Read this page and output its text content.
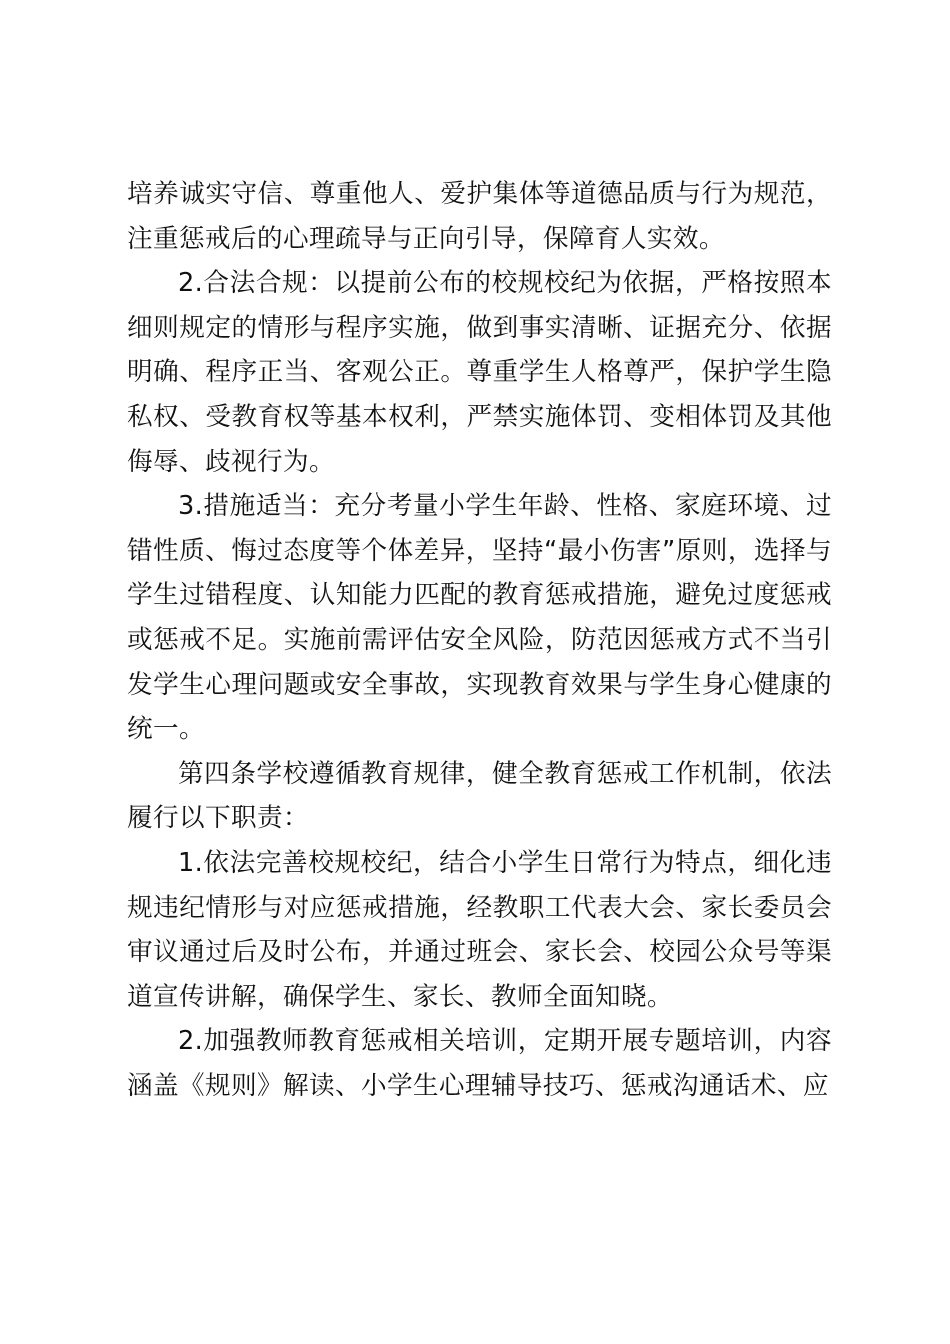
培养诚实守信、尊重他人、爱护集体等道德品质与行为规范，注重惩戒后的心理疏导与正向引导，保障育人实效。

2.合法合规：以提前公布的校规校纪为依据，严格按照本细则规定的情形与程序实施，做到事实清晰、证据充分、依据明确、程序正当、客观公正。尊重学生人格尊严，保护学生隐私权、受教育权等基本权利，严禁实施体罚、变相体罚及其他侮辱、歧视行为。

3.措施适当：充分考量小学生年龄、性格、家庭环境、过错性质、悔过态度等个体差异，坚持“最小伤害”原则，选择与学生过错程度、认知能力匹配的教育惩戒措施，避免过度惩戒或惩戒不足。实施前需评估安全风险，防范因惩戒方式不当引发学生心理问题或安全事故，实现教育效果与学生身心健康的统一。

第四条学校遵循教育规律，健全教育惩戒工作机制，依法履行以下职责：

1.依法完善校规校纪，结合小学生日常行为特点，细化违规违纪情形与对应惩戒措施，经教职工代表大会、家长委员会审议通过后及时公布，并通过班会、家长会、校园公众号等渠道宣传讲解，确保学生、家长、教师全面知晓。

2.加强教师教育惩戒相关培训，定期开展专题培训，内容涵盖《规则》解读、小学生心理辅导技巧、惩戒沟通话术、应
